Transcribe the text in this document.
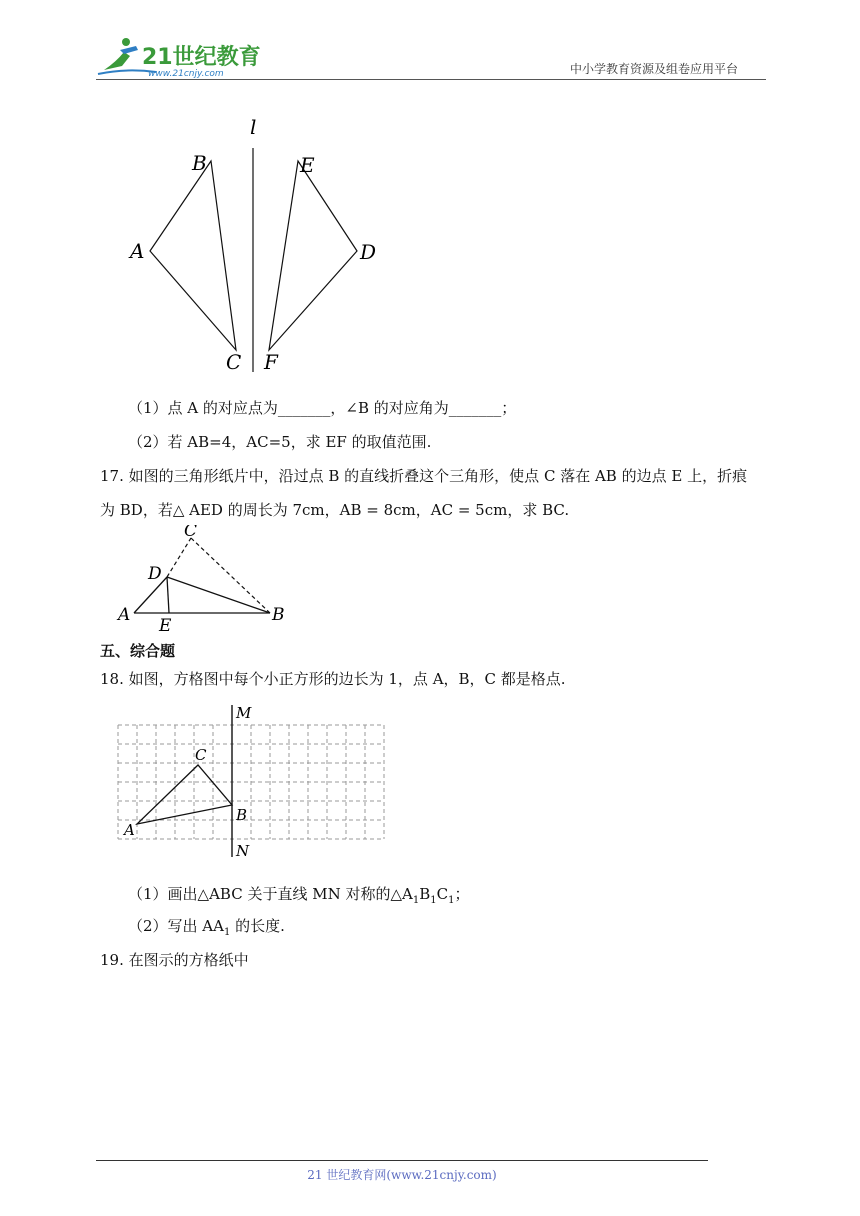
21世纪教育
www.21cnjy.com	中小学教育资源及组卷应用平台
l
B	E
A	D
C F
（1）点 A 的对应点为_______，∠B 的对应角为_______；
（2）若 AB=4，AC=5，求 EF 的取值范围.
17. 如图的三角形纸片中，沿过点 B 的直线折叠这个三角形，使点 C 落在 AB 的边点 E 上，折痕
为 BD，若△ AED 的周长为 7cm，AB = 8cm，AC = 5cm，求 BC.
C
D
A
E
B
五、综合题
18. 如图，方格图中每个小正方形的边长为 1，点 A，B，C 都是格点.
M
N
C
A
B
（1）画出△ABC 关于直线 MN 对称的$\triangle A_1B_1C_1$；
（2）写出 $AA_1$ 的长度.
19. 在图示的方格纸中
21 世纪教育网(www.21cnjy.com)
